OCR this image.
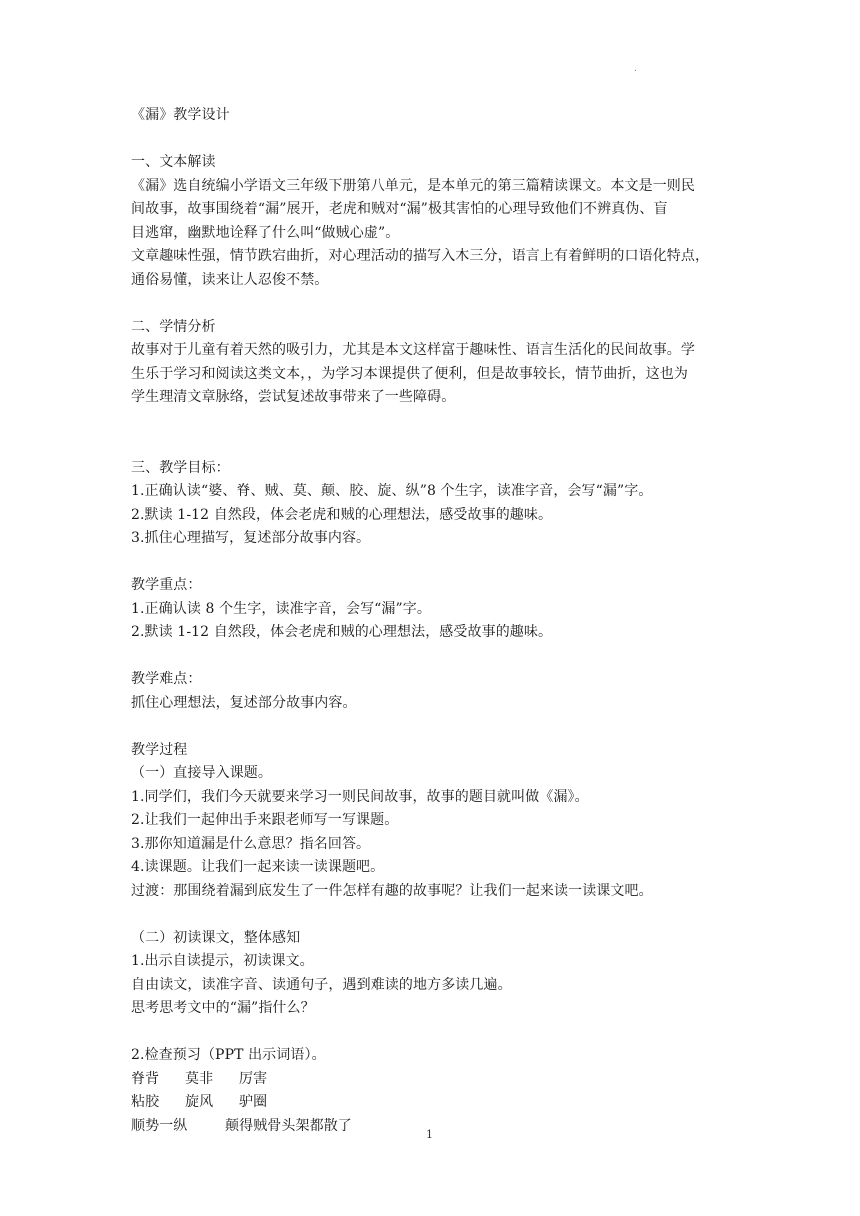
.
《漏》教学设计
一、文本解读
《漏》选自统编小学语文三年级下册第八单元，是本单元的第三篇精读课文。本文是一则民
间故事，故事围绕着“漏”展开，老虎和贼对“漏”极其害怕的心理导致他们不辨真伪、盲
目逃窜，幽默地诠释了什么叫“做贼心虚”。
文章趣味性强，情节跌宕曲折，对心理活动的描写入木三分，语言上有着鲜明的口语化特点，
通俗易懂，读来让人忍俊不禁。
二、学情分析
故事对于儿童有着天然的吸引力，尤其是本文这样富于趣味性、语言生活化的民间故事。学
生乐于学习和阅读这类文本，，为学习本课提供了便利，但是故事较长，情节曲折，这也为
学生理清文章脉络，尝试复述故事带来了一些障碍。
三、教学目标：
1.正确认读“婆、脊、贼、莫、颠、胶、旋、纵”8 个生字，读准字音，会写“漏”字。
2.默读 1-12 自然段，体会老虎和贼的心理想法，感受故事的趣味。
3.抓住心理描写，复述部分故事内容。
教学重点：
1.正确认读 8 个生字，读准字音，会写“漏”字。
2.默读 1-12 自然段，体会老虎和贼的心理想法，感受故事的趣味。
教学难点：
抓住心理想法，复述部分故事内容。
教学过程
（一）直接导入课题。
1.同学们，我们今天就要来学习一则民间故事，故事的题目就叫做《漏》。
2.让我们一起伸出手来跟老师写一写课题。
3.那你知道漏是什么意思？指名回答。
4.读课题。让我们一起来读一读课题吧。
过渡：那围绕着漏到底发生了一件怎样有趣的故事呢？让我们一起来读一读课文吧。
（二）初读课文，整体感知
1.出示自读提示，初读课文。
自由读文，读准字音、读通句子，遇到难读的地方多读几遍。
思考思考文中的“漏”指什么？
2.检查预习（PPT 出示词语）。
脊背	莫非	厉害
粘胶	旋风	驴圈
顺势一纵	颠得贼骨头架都散了
1
